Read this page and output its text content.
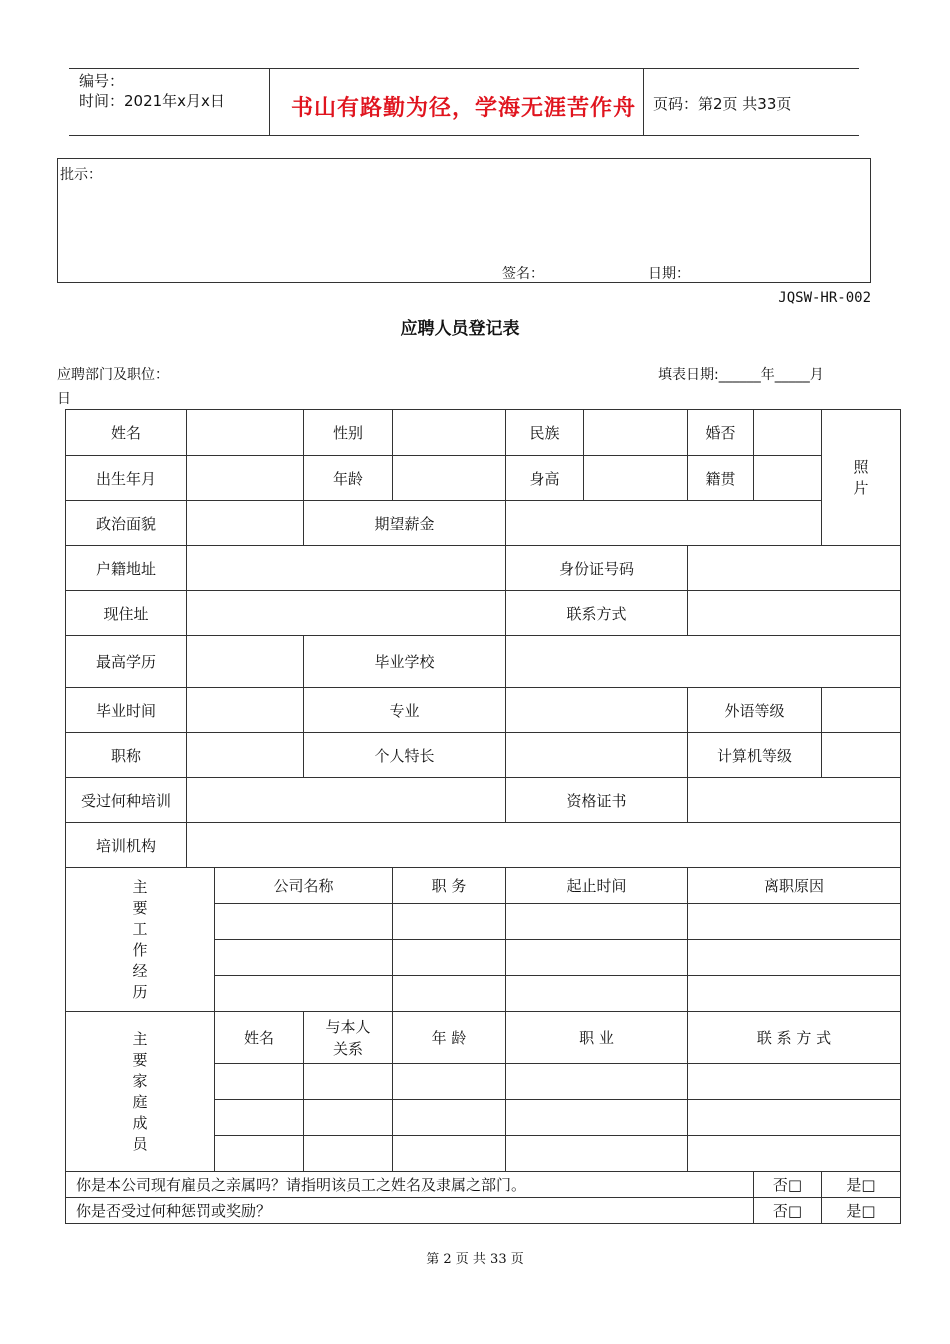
编号：
时间：2021年x月x日	书山有路勤为径，学海无涯苦作舟 页码：第2页 共33页
批示：
签名：	日期：
JQSW-HR-002
应聘人员登记表
应聘部门及职位：	填表日期:______年_____月
日
姓名			性别		民族		婚否		照片
出生年月			年龄		身高		籍贯		
政治面貌			期望薪金						
户籍地址					身份证号码				
现住址					联系方式				
最高学历			毕业学校						
毕业时间			专业				外语等级		
职称			个人特长				计算机等级		
受过何种培训					资格证书				
培训机构									
主要工作经历		公司名称		职 务	起止时间		离职原因		

主要家庭成员		姓名	与本人关系	年 龄	职 业		联 系 方 式		

你是本公司现有雇员之亲属吗？请指明该员工之姓名及隶属之部门。								否□	是□
你是否受过何种惩罚或奖励？								否□	是□
第 2 页 共 33 页
